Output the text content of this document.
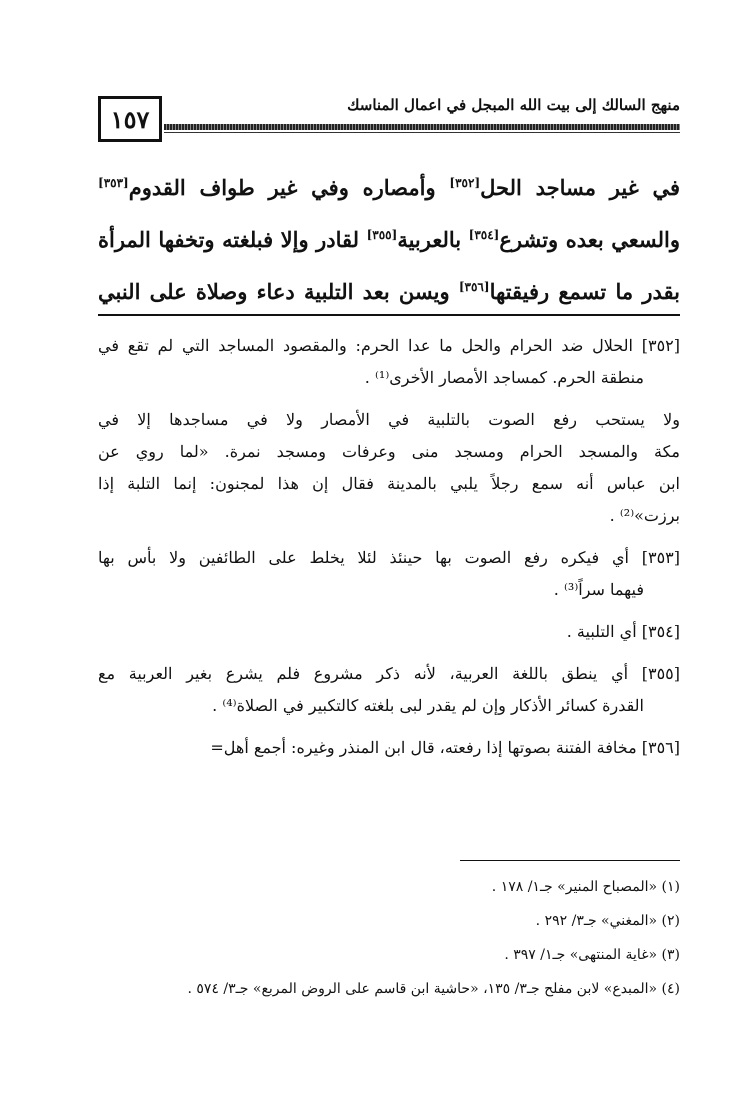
١٥٧	منهج السالك إلى بيت الله المبجل في اعمال المناسك
في غير مساجد الحل[٣٥٢] وأمصاره وفي غير طواف القدوم[٣٥٣]
والسعي بعده وتشرع[٣٥٤] بالعربية[٣٥٥] لقادر وإلا فبلغته وتخفها المرأة
بقدر ما تسمع رفيقتها[٣٥٦] ويسن بعد التلبية دعاء وصلاة على النبي
[٣٥٢] الحلال ضد الحرام والحل ما عدا الحرم: والمقصود المساجد التي لم تقع في
منطقة الحرم. كمساجد الأمصار الأخرى⁽¹⁾ .
ولا يستحب رفع الصوت بالتلبية في الأمصار ولا في مساجدها إلا في
مكة والمسجد الحرام ومسجد منى وعرفات ومسجد نمرة. «لما روي عن
ابن عباس أنه سمع رجلاً يلبي بالمدينة فقال إن هذا لمجنون: إنما التلبة إذا
برزت»⁽²⁾ .
[٣٥٣] أي فيكره رفع الصوت بها حينئذ لئلا يخلط على الطائفين ولا بأس بها
فيهما سراً⁽³⁾ .
[٣٥٤] أي التلبية .
[٣٥٥] أي ينطق باللغة العربية، لأنه ذكر مشروع فلم يشرع بغير العربية مع
القدرة كسائر الأذكار وإن لم يقدر لبى بلغته كالتكبير في الصلاة⁽⁴⁾ .
[٣٥٦] مخافة الفتنة بصوتها إذا رفعته، قال ابن المنذر وغيره: أجمع أهل=
(١) «المصباح المنير» جـ١/ ١٧٨ .
(٢) «المغني» جـ٣/ ٢٩٢ .
(٣) «غاية المنتهى» جـ١/ ٣٩٧ .
(٤) «المبدع» لابن مفلح جـ٣/ ١٣٥، «حاشية ابن قاسم على الروض المربع» جـ٣/ ٥٧٤ .
